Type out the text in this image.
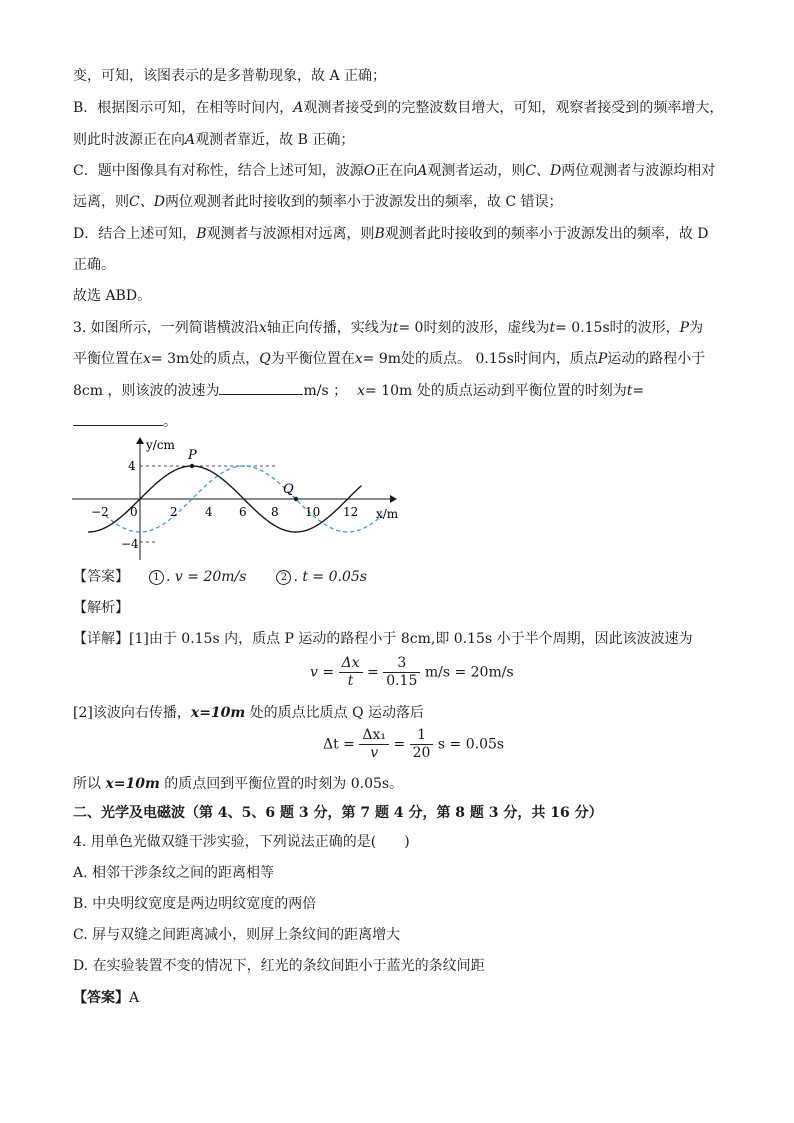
变，可知，该图表示的是多普勒现象，故 A 正确；
B．根据图示可知，在相等时间内，A观测者接受到的完整波数目增大，可知，观察者接受到的频率增大，
则此时波源正在向A观测者靠近，故 B 正确；
C．题中图像具有对称性，结合上述可知，波源O正在向A观测者运动，则C、D两位观测者与波源均相对
远离，则C、D两位观测者此时接收到的频率小于波源发出的频率，故 C 错误；
D．结合上述可知，B观测者与波源相对远离，则B观测者此时接收到的频率小于波源发出的频率，故 D
正确。
故选 ABD。
3. 如图所示，一列简谐横波沿x轴正向传播，实线为t= 0时刻的波形，虚线为t= 0.15s时的波形，P为
平衡位置在x= 3m处的质点，Q为平衡位置在x= 9m处的质点。 0.15s时间内，质点P运动的路程小于
8cm ，则该波的波速为	m/s ； x= 10m 处的质点运动到平衡位置的时刻为t=
。
P
Q
y/cm
x/m
4
−4
−2 0	2 4 6 8 10 12
【答案】 1 . v = 20m/s	2 . t = 0.05s
【解析】
【详解】[1]由于 0.15s 内，质点 P 运动的路程小于 8cm,即 0.15s 小于半个周期，因此该波波速为
$v = \frac{\Delta x}{t} = \frac{3}{0.15} m/s = 20m/s$
[2]该波向右传播，x=10m 处的质点比质点 Q 运动落后
$\Delta t = \frac{\text{Δx₁}}{v} = \frac{1}{20}$ s = 0.05s
所以 x=10m 的质点回到平衡位置的时刻为 0.05s。
二、光学及电磁波（第 4、5、6 题 3 分，第 7 题 4 分，第 8 题 3 分，共 16 分）
4. 用单色光做双缝干涉实验，下列说法正确的是(　　)
A. 相邻干涉条纹之间的距离相等
B. 中央明纹宽度是两边明纹宽度的两倍
C. 屏与双缝之间距离减小，则屏上条纹间的距离增大
D. 在实验装置不变的情况下，红光的条纹间距小于蓝光的条纹间距
【答案】A
